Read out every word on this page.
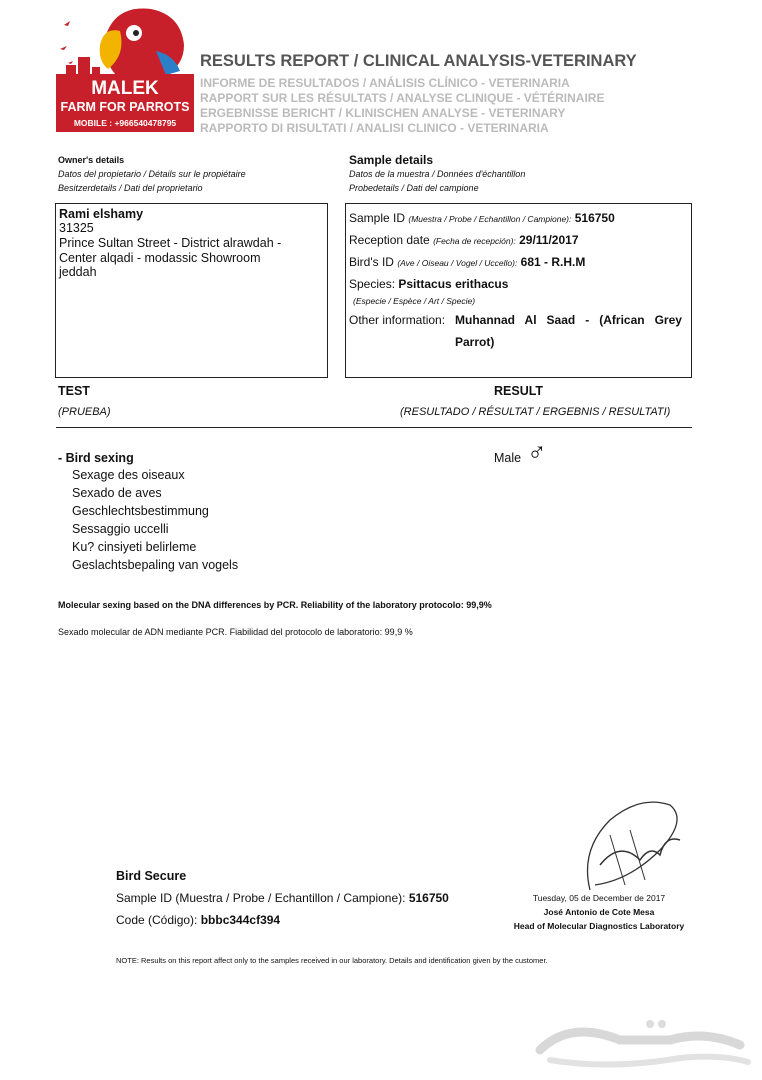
MALEK
FARM FOR PARROTS
MOBILE : +966540478795
RESULTS REPORT / CLINICAL ANALYSIS-VETERINARY
INFORME DE RESULTADOS / ANÁLISIS CLÍNICO - VETERINARIA
RAPPORT SUR LES RÉSULTATS / ANALYSE CLINIQUE - VÉTÉRINAIRE
ERGEBNISSE BERICHT / KLINISCHEN ANALYSE - VETERINARY
RAPPORTO DI RISULTATI / ANALISI CLINICO - VETERINARIA
Owner's details
Datos del propietario / Détails sur le propiétaire
Besitzerdetails / Dati del proprietario
Sample details
Datos de la muestra / Données d'échantillon
Probedetails / Dati del campione
Rami elshamy
31325
Prince Sultan Street - District alrawdah -
Center alqadi - modassic Showroom
jeddah
Sample ID (Muestra / Probe / Echantillon / Campione): 516750
Reception date (Fecha de recepción): 29/11/2017
Bird's ID (Ave / Oiseau / Vogel / Uccello): 681 - R.H.M
Species: Psittacus erithacus
(Especie / Espèce / Art / Specie)
Other information: Muhannad   Al   Saad   -   (African   Grey
Parrot)
TEST
(PRUEBA)
RESULT
(RESULTADO / RÉSULTAT / ERGEBNIS / RESULTATI)
- Bird sexing
Sexage des oiseaux
Sexado de aves
Geschlechtsbestimmung
Sessaggio uccelli
Ku? cinsiyeti belirleme
Geslachtsbepaling van vogels
Male ♂
Molecular sexing based on the DNA differences by PCR. Reliability of the laboratory protocolo: 99,9%
Sexado molecular de ADN mediante PCR. Fiabilidad del protocolo de laboratorio: 99,9 %
Bird Secure
Sample ID (Muestra / Probe / Echantillon / Campione): 516750
Code (Código): bbbc344cf394
Tuesday, 05 de December de 2017
José Antonio de Cote Mesa
Head of Molecular Diagnostics Laboratory
NOTE: Results on this report affect only to the samples received in our laboratory. Details and identification given by the customer.
